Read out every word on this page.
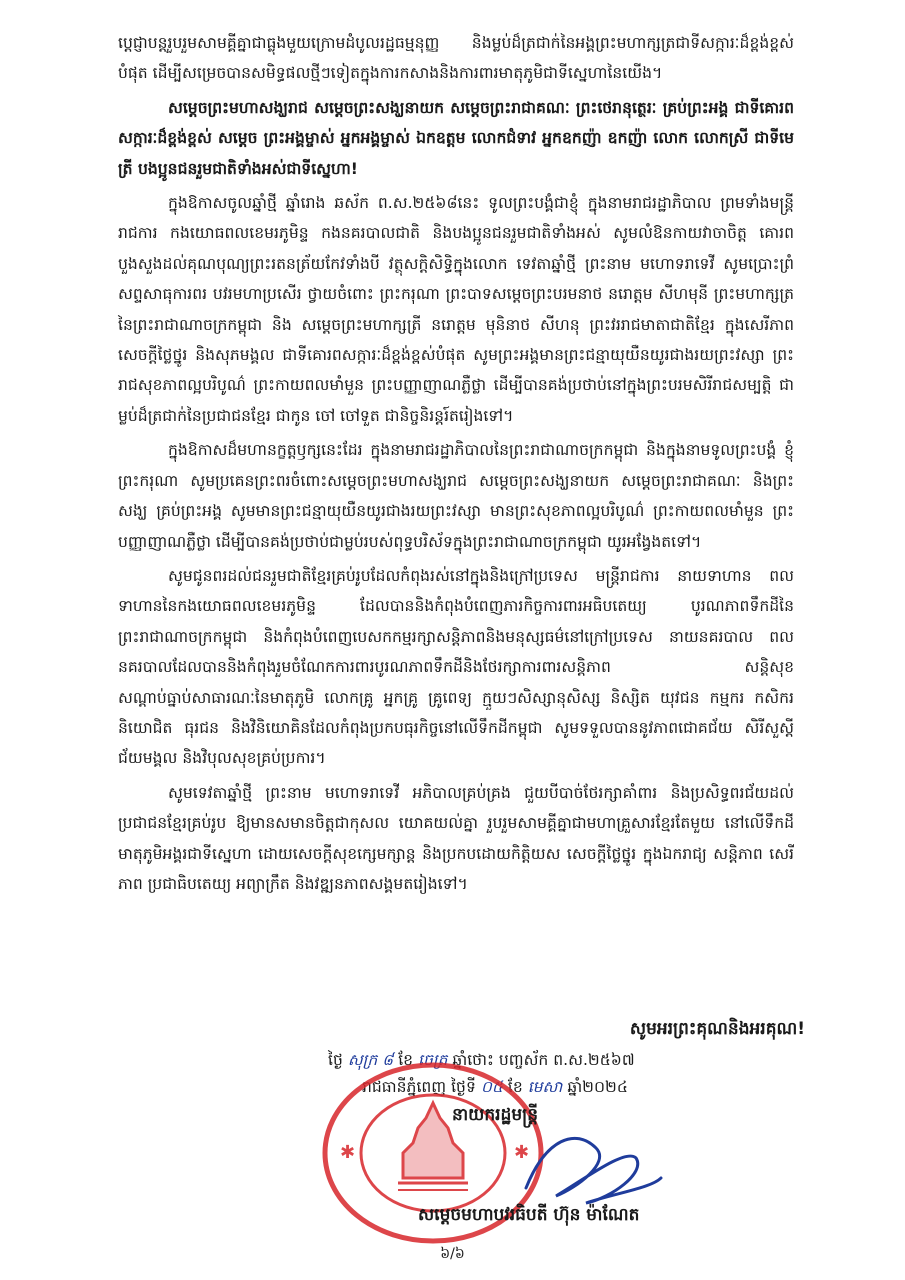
ប្តេជ្ញាបន្តរួបរួមសាមគ្គីគ្នាជាធ្លុងមួយក្រោមដំបូលរដ្ឋធម្មនុញ្ញ និងម្លប់ដ៏ត្រជាក់នៃអង្គព្រះមហាក្សត្រជាទីសក្ការៈដ៏ខ្ពង់ខ្ពស់បំផុត ដើម្បីសម្រេចបានសមិទ្ធផលថ្មីៗទៀតក្នុងការកសាងនិងការពារមាតុភូមិជាទីស្នេហានៃយើង។

សម្តេចព្រះមហាសង្ឃរាជ សម្តេចព្រះសង្ឃនាយក សម្តេចព្រះរាជាគណៈ ព្រះថេរានុត្ថេរៈ គ្រប់ព្រះអង្គ ជាទីគោរពសក្ការៈដ៏ខ្ពង់ខ្ពស់ សម្តេច ព្រះអង្គម្ចាស់ អ្នកអង្គម្ចាស់ ឯកឧត្តម លោកជំទាវ អ្នកឧកញ៉ា ឧកញ៉ា លោក លោកស្រី ជាទីមេត្រី បងប្អូនជនរួមជាតិទាំងអស់ជាទីស្នេហា!

ក្នុងឱកាសចូលឆ្នាំថ្មី ឆ្នាំរោង ឆស័ក ព.ស.២៥៦៨នេះ ទូលព្រះបង្គំជាខ្ញុំ ក្នុងនាមរាជរដ្ឋាភិបាល ព្រមទាំងមន្ត្រីរាជការ កងយោធពលខេមរភូមិន្ទ កងនគរបាលជាតិ និងបងប្អូនជនរួមជាតិទាំងអស់ សូមលំឱនកាយវាចាចិត្ត គោរពបួងសួងដល់គុណបុណ្យព្រះរតនត្រ័យកែវទាំងបី វត្ថុសក្តិសិទ្ធិក្នុងលោក ទេវតាឆ្នាំថ្មី ព្រះនាម មហោទរាទេវី សូមប្រោះព្រំសព្ទសាធុការពរ បវរមហាប្រសើរ ថ្វាយចំពោះ ព្រះករុណា ព្រះបាទសម្តេចព្រះបរមនាថ នរោត្តម សីហមុនី ព្រះមហាក្សត្រនៃព្រះរាជាណាចក្រកម្ពុជា និង សម្តេចព្រះមហាក្សត្រី នរោត្តម មុនិនាថ សីហនុ ព្រះវររាជមាតាជាតិខ្មែរ ក្នុងសេរីភាព សេចក្តីថ្លៃថ្នូរ និងសុភមង្គល ជាទីគោរពសក្ការៈដ៏ខ្ពង់ខ្ពស់បំផុត សូមព្រះអង្គមានព្រះជន្មាយុយឺនយូរជាងរយព្រះវស្សា ព្រះរាជសុខភាពល្អបរិបូណ៌ ព្រះកាយពលមាំមួន ព្រះបញ្ញាញាណភ្លឺថ្លា ដើម្បីបានគង់ប្រថាប់នៅក្នុងព្រះបរមសិរីរាជសម្បត្តិ ជាម្លប់ដ៏ត្រជាក់នៃប្រជាជនខ្មែរ ជាកូន ចៅ ចៅទួត ជានិច្ចនិរន្តរ៍តរៀងទៅ។

ក្នុងឱកាសដ៏មហានក្ខត្តឫក្សនេះដែរ ក្នុងនាមរាជរដ្ឋាភិបាលនៃព្រះរាជាណាចក្រកម្ពុជា និងក្នុងនាមទូលព្រះបង្គំ ខ្ញុំព្រះករុណា សូមប្រគេនព្រះពរចំពោះសម្តេចព្រះមហាសង្ឃរាជ សម្តេចព្រះសង្ឃនាយក សម្តេចព្រះរាជាគណៈ និងព្រះសង្ឃ គ្រប់ព្រះអង្គ សូមមានព្រះជន្មាយុយឺនយូរជាងរយព្រះវស្សា មានព្រះសុខភាពល្អបរិបូណ៌ ព្រះកាយពលមាំមួន ព្រះបញ្ញាញាណភ្លឺថ្លា ដើម្បីបានគង់ប្រថាប់ជាម្លប់របស់ពុទ្ធបរិស័ទក្នុងព្រះរាជាណាចក្រកម្ពុជា យូរអង្វែងតទៅ។

សូមជូនពរដល់ជនរួមជាតិខ្មែរគ្រប់រូបដែលកំពុងរស់នៅក្នុងនិងក្រៅប្រទេស មន្ត្រីរាជការ នាយទាហាន ពលទាហាននៃកងយោធពលខេមរភូមិន្ទ ដែលបាននិងកំពុងបំពេញភារកិច្ចការពារអធិបតេយ្យ បូរណភាពទឹកដីនៃព្រះរាជាណាចក្រកម្ពុជា និងកំពុងបំពេញបេសកកម្មរក្សាសន្តិភាពនិងមនុស្សធម៌នៅក្រៅប្រទេស នាយនគរបាល ពលនគរបាលដែលបាននិងកំពុងរួមចំណែកការពារបូរណភាពទឹកដីនិងថែរក្សាការពារសន្តិភាព សន្តិសុខ សណ្តាប់ធ្នាប់សាធារណៈនៃមាតុភូមិ លោកគ្រូ អ្នកគ្រូ គ្រូពេទ្យ ក្មួយៗសិស្សានុសិស្ស និស្សិត យុវជន កម្មករ កសិករ និយោជិត ធុរជន និងវិនិយោគិនដែលកំពុងប្រកបធុរកិច្ចនៅលើទឹកដីកម្ពុជា សូមទទួលបាននូវភាពជោគជ័យ សិរីសួស្តី ជ័យមង្គល និងវិបុលសុខគ្រប់ប្រការ។

សូមទេវតាឆ្នាំថ្មី ព្រះនាម មហោទរាទេវី អភិបាលគ្រប់គ្រង ជួយបីបាច់ថែរក្សាគាំពារ និងប្រសិទ្ធពរជ័យដល់ប្រជាជនខ្មែរគ្រប់រូប ឱ្យមានសមានចិត្តជាកុសល យោគយល់គ្នា រួបរួមសាមគ្គីគ្នាជាមហាគ្រួសារខ្មែរតែមួយ នៅលើទឹកដីមាតុភូមិអង្គរជាទីស្នេហា ដោយសេចក្តីសុខក្សេមក្សាន្ត និងប្រកបដោយកិត្តិយស សេចក្តីថ្លៃថ្នូរ ក្នុងឯករាជ្យ សន្តិភាព សេរីភាព ប្រជាធិបតេយ្យ អព្យាក្រឹត និងវឌ្ឍនភាពសង្គមតរៀងទៅ។

សូមអរព្រះគុណនិងអរគុណ!
ថ្ងៃ សុក្រ ៨ ខែ ចេត្រ ឆ្នាំថោះ បញ្ចស័ក ព.ស.២៥៦៧
រាជធានីភ្នំពេញ ថ្ងៃទី ០៥ ខែ មេសា ឆ្នាំ២០២៤
✱	✱
នាយករដ្ឋមន្ត្រី
សម្តេចមហាបវរធិបតី ហ៊ុន ម៉ាណែត
៦/៦
